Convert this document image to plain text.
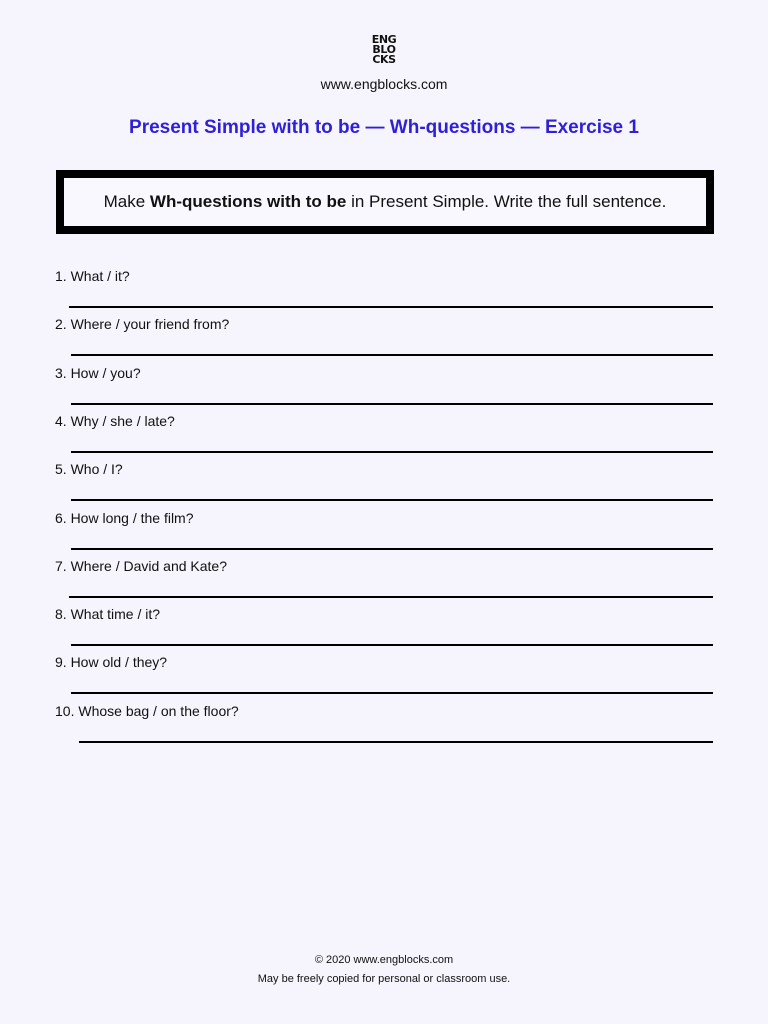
ENG
BLO
CKS
www.engblocks.com
Present Simple with to be — Wh-questions — Exercise 1
Make Wh-questions with to be in Present Simple. Write the full sentence.
1. What / it?
2. Where / your friend from?
3. How / you?
4. Why / she / late?
5. Who / I?
6. How long / the film?
7. Where / David and Kate?
8. What time / it?
9. How old / they?
10. Whose bag / on the floor?
© 2020 www.engblocks.com
May be freely copied for personal or classroom use.
